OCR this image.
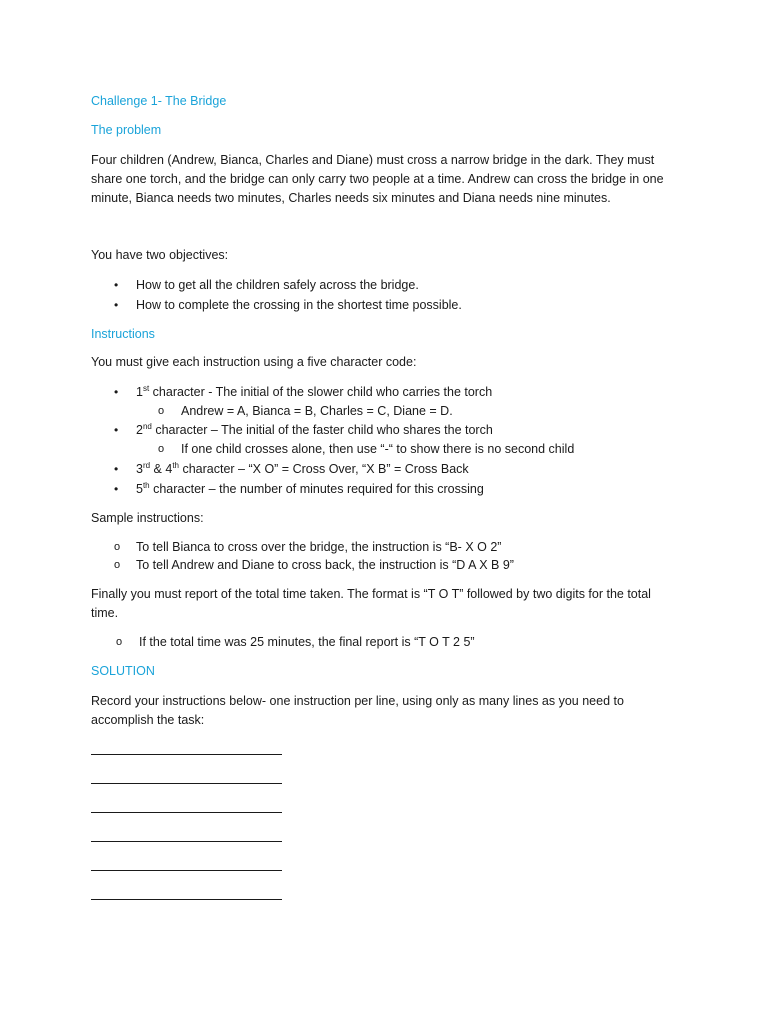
Challenge 1- The Bridge
The problem
Four children (Andrew, Bianca, Charles and Diane) must cross a narrow bridge in the dark. They must
share one torch, and the bridge can only carry two people at a time. Andrew can cross the bridge in one
minute, Bianca needs two minutes, Charles needs six minutes and Diana needs nine minutes.
You have two objectives:
•	How to get all the children safely across the bridge.
•	How to complete the crossing in the shortest time possible.
Instructions
You must give each instruction using a five character code:
•	1st character - The initial of the slower child who carries the torch
o Andrew = A, Bianca = B, Charles = C, Diane = D.
•	2nd character – The initial of the faster child who shares the torch
o If one child crosses alone, then use “-“ to show there is no second child
•	3rd & 4th character – “X O” = Cross Over, “X B” = Cross Back
•	5th character – the number of minutes required for this crossing
Sample instructions:
o To tell Bianca to cross over the bridge, the instruction is “B- X O 2”
o To tell Andrew and Diane to cross back, the instruction is “D A X B 9”
Finally you must report of the total time taken. The format is “T O T” followed by two digits for the total
time.
o If the total time was 25 minutes, the final report is “T O T 2 5”
SOLUTION
Record your instructions below- one instruction per line, using only as many lines as you need to
accomplish the task:
